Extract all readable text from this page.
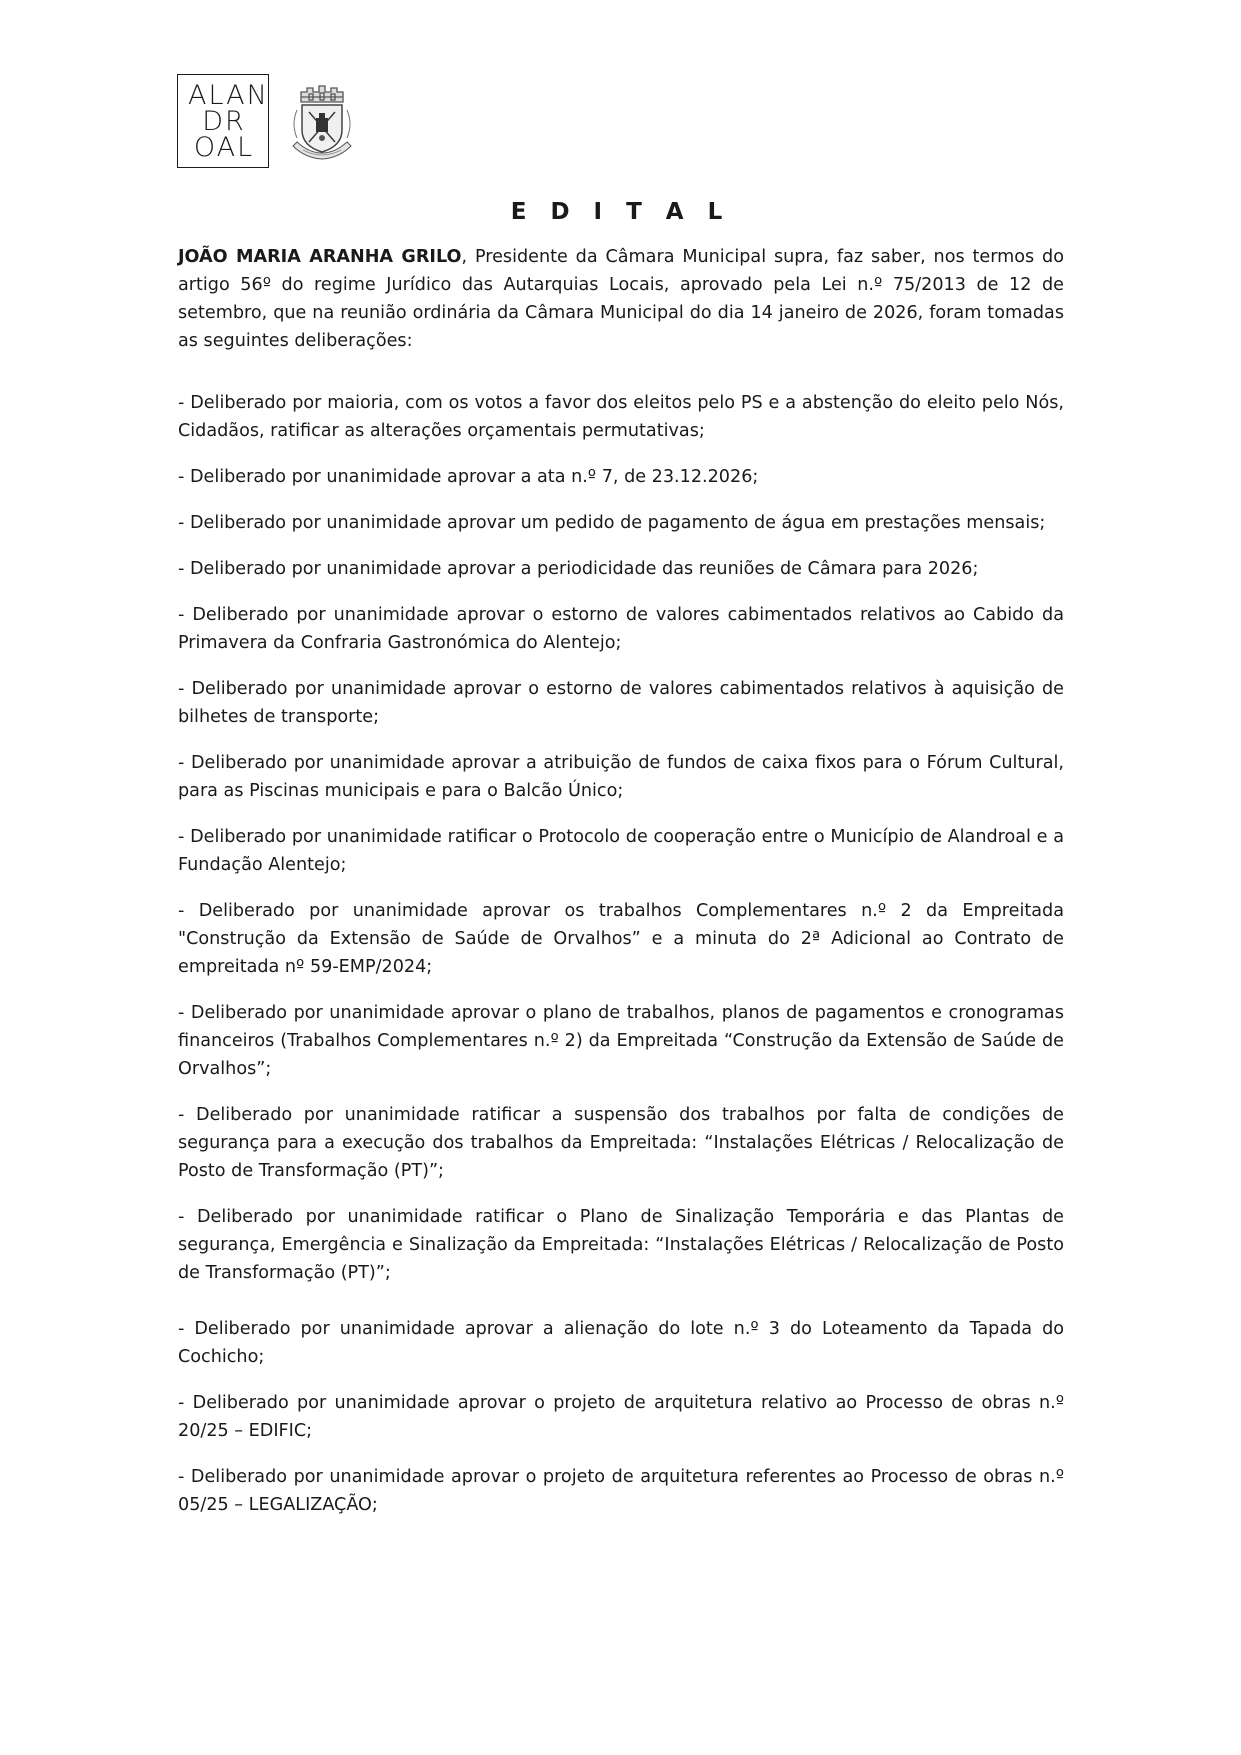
ALAN
DR
OAL
E D I T A L

JOÃO MARIA ARANHA GRILO, Presidente da Câmara Municipal supra, faz saber, nos termos do artigo 56º do regime Jurídico das Autarquias Locais, aprovado pela Lei n.º 75/2013 de 12 de setembro, que na reunião ordinária da Câmara Municipal do dia 14 janeiro de 2026, foram tomadas as seguintes deliberações:

- Deliberado por maioria, com os votos a favor dos eleitos pelo PS e a abstenção do eleito pelo Nós, Cidadãos, ratificar as alterações orçamentais permutativas;

- Deliberado por unanimidade aprovar a ata n.º 7, de 23.12.2026;

- Deliberado por unanimidade aprovar um pedido de pagamento de água em prestações mensais;

- Deliberado por unanimidade aprovar a periodicidade das reuniões de Câmara para 2026;

- Deliberado por unanimidade aprovar o estorno de valores cabimentados relativos ao Cabido da Primavera da Confraria Gastronómica do Alentejo;

- Deliberado por unanimidade aprovar o estorno de valores cabimentados relativos à aquisição de bilhetes de transporte;

- Deliberado por unanimidade aprovar a atribuição de fundos de caixa fixos para o Fórum Cultural, para as Piscinas municipais e para o Balcão Único;

- Deliberado por unanimidade ratificar o Protocolo de cooperação entre o Município de Alandroal e a Fundação Alentejo;

- Deliberado por unanimidade aprovar os trabalhos Complementares n.º 2 da Empreitada "Construção da Extensão de Saúde de Orvalhos” e a minuta do 2ª Adicional ao Contrato de empreitada nº 59-EMP/2024;

- Deliberado por unanimidade aprovar o plano de trabalhos, planos de pagamentos e cronogramas financeiros (Trabalhos Complementares n.º 2) da Empreitada “Construção da Extensão de Saúde de Orvalhos”;

- Deliberado por unanimidade ratificar a suspensão dos trabalhos por falta de condições de segurança para a execução dos trabalhos da Empreitada: “Instalações Elétricas / Relocalização de Posto de Transformação (PT)”;

- Deliberado por unanimidade ratificar o Plano de Sinalização Temporária e das Plantas de segurança, Emergência e Sinalização da Empreitada: “Instalações Elétricas / Relocalização de Posto de Transformação (PT)”;

- Deliberado por unanimidade aprovar a alienação do lote n.º 3 do Loteamento da Tapada do Cochicho;

- Deliberado por unanimidade aprovar o projeto de arquitetura relativo ao Processo de obras n.º 20/25 – EDIFIC;

- Deliberado por unanimidade aprovar o projeto de arquitetura referentes ao Processo de obras n.º 05/25 – LEGALIZAÇÃO;
